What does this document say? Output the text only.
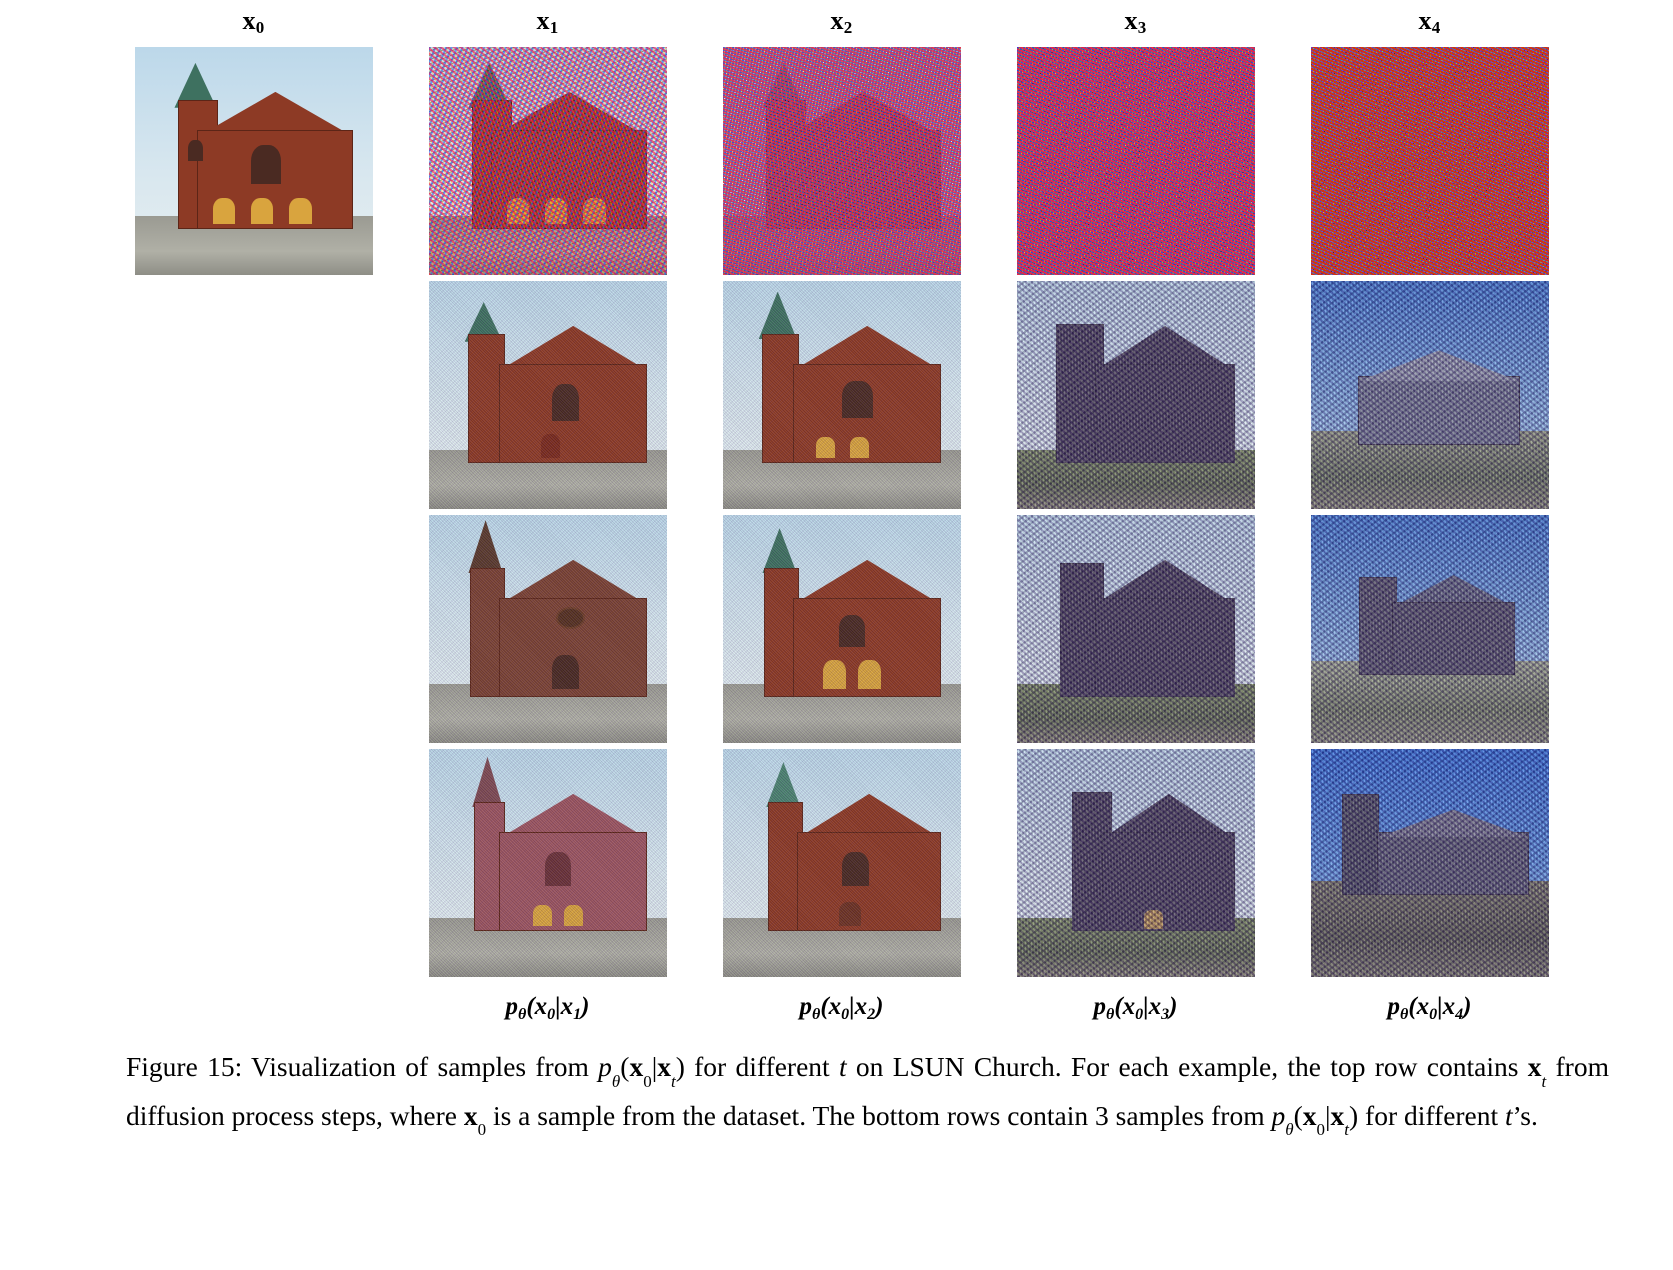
$x_0$	$x_1$	$x_2$	$x_3$	$x_4$
$p_\theta(x_0|x_1)$	$p_\theta(x_0|x_2)$	$p_\theta(x_0|x_3)$	$p_\theta(x_0|x_4)$
Figure 15: Visualization of samples from $p_\theta(x_0|x_t)$ for different t on LSUN Church. For each example, the top row contains $x_t$ from diffusion process steps, where $x_0$ is a sample from the dataset. The bottom rows contain 3 samples from $p_\theta(x_0|x_t)$ for different t’s.
